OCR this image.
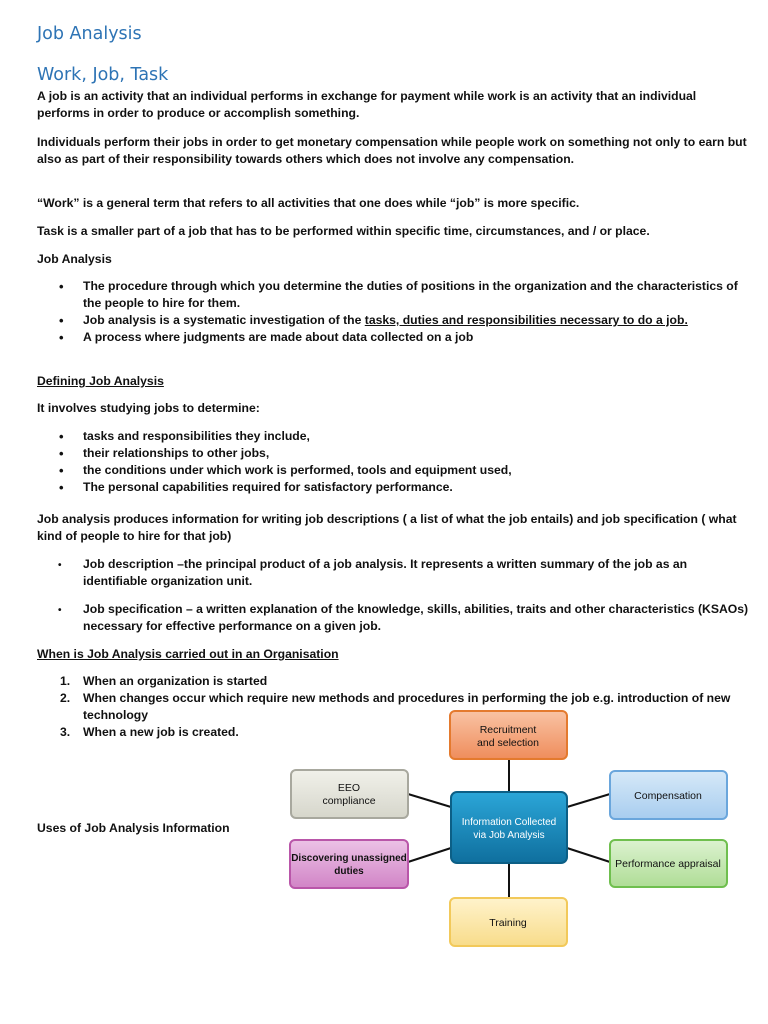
Job Analysis
Work, Job, Task

A job is an activity that an individual performs in exchange for payment while work is an activity that an individual performs in order to produce or accomplish something.

Individuals perform their jobs in order to get monetary compensation while people work on something not only to earn but also as part of their responsibility towards others which does not involve any compensation.

“Work” is a general term that refers to all activities that one does while “job” is more specific.

Task is a smaller part of a job that has to be performed within specific time, circumstances, and / or place.

Job Analysis

• The procedure through which you determine the duties of positions in the organization and the characteristics of the people to hire for them.
• Job analysis is a systematic investigation of the tasks, duties and responsibilities necessary to do a job.
• A process where judgments are made about data collected on a job

Defining Job Analysis

It involves studying jobs to determine:

• tasks and responsibilities they include,
• their relationships to other jobs,
• the conditions under which work is performed, tools and equipment used,
• The personal capabilities required for satisfactory performance.

Job analysis produces information for writing job descriptions ( a list of what the job entails) and job specification ( what kind of people to hire for that job)

• Job description –the principal product of a job analysis. It represents a written summary of the job as an identifiable organization unit.
• Job specification – a written explanation of the knowledge, skills, abilities, traits and other characteristics (KSAOs) necessary for effective performance on a given job.

When is Job Analysis carried out in an Organisation

1. When an organization is started
2. When changes occur which require new methods and procedures in performing the job e.g. introduction of new technology
3. When a new job is created.

Uses of Job Analysis Information

Recruitment
and selection
EEO
compliance	Compensation
Information Collected
via Job Analysis
Discovering unassigned
duties
Performance appraisal
Training
